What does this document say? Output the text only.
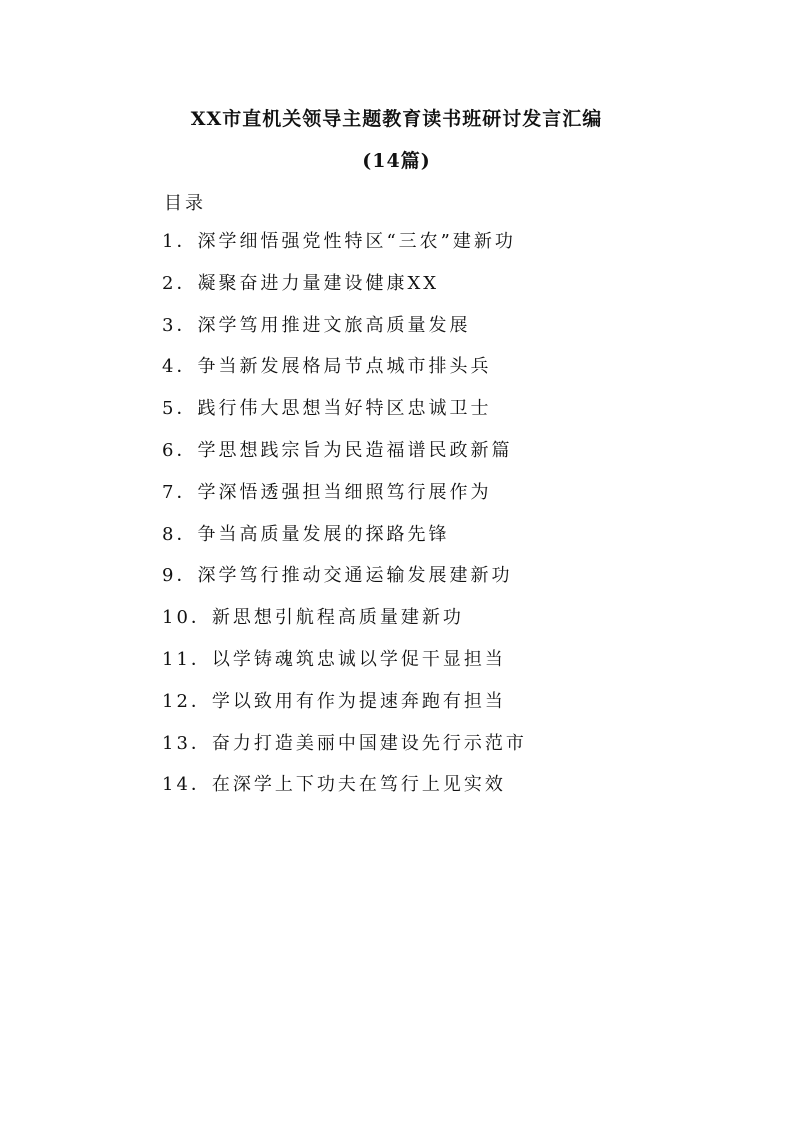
XX市直机关领导主题教育读书班研讨发言汇编
(14篇)
目录
1．深学细悟强党性特区“三农”建新功
2．凝聚奋进力量建设健康XX
3．深学笃用推进文旅高质量发展
4．争当新发展格局节点城市排头兵
5．践行伟大思想当好特区忠诚卫士
6．学思想践宗旨为民造福谱民政新篇
7．学深悟透强担当细照笃行展作为
8．争当高质量发展的探路先锋
9．深学笃行推动交通运输发展建新功
10．新思想引航程高质量建新功
11．以学铸魂筑忠诚以学促干显担当
12．学以致用有作为提速奔跑有担当
13．奋力打造美丽中国建设先行示范市
14．在深学上下功夫在笃行上见实效
